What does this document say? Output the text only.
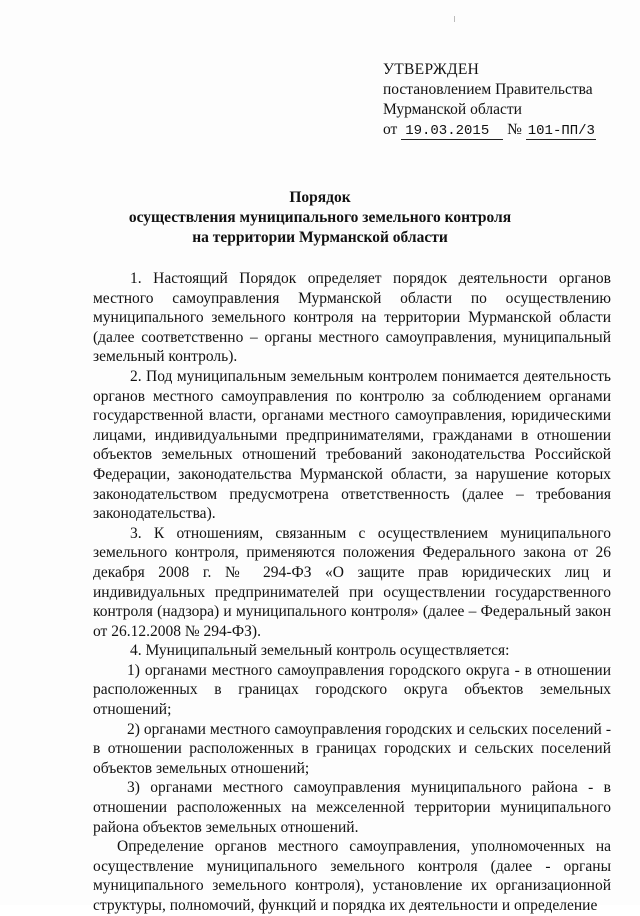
УТВЕРЖДЕН
постановлением Правительства
Мурманской области
от 19.03.2015 № 101-ПП/3
Порядок
осуществления муниципального земельного контроля
на территории Мурманской области

1. Настоящий Порядок определяет порядок деятельности органов местного самоуправления Мурманской области по осуществлению муниципального земельного контроля на территории Мурманской области (далее соответственно – органы местного самоуправления, муниципальный земельный контроль).

2. Под муниципальным земельным контролем понимается деятельность органов местного самоуправления по контролю за соблюдением органами государственной власти, органами местного самоуправления, юридическими лицами, индивидуальными предпринимателями, гражданами в отношении объектов земельных отношений требований законодательства Российской Федерации, законодательства Мурманской области, за нарушение которых законодательством предусмотрена ответственность (далее – требования законодательства).

3. К отношениям, связанным с осуществлением муниципального земельного контроля, применяются положения Федерального закона от 26 декабря 2008 г. № 294-ФЗ «О защите прав юридических лиц и индивидуальных предпринимателей при осуществлении государственного контроля (надзора) и муниципального контроля» (далее – Федеральный закон от 26.12.2008 № 294-ФЗ).

4. Муниципальный земельный контроль осуществляется:

1) органами местного самоуправления городского округа - в отношении расположенных в границах городского округа объектов земельных отношений;

2) органами местного самоуправления городских и сельских поселений - в отношении расположенных в границах городских и сельских поселений объектов земельных отношений;

3) органами местного самоуправления муниципального района - в отношении расположенных на межселенной территории муниципального района объектов земельных отношений.

Определение органов местного самоуправления, уполномоченных на осуществление муниципального земельного контроля (далее - органы муниципального земельного контроля), установление их организационной структуры, полномочий, функций и порядка их деятельности и определение
